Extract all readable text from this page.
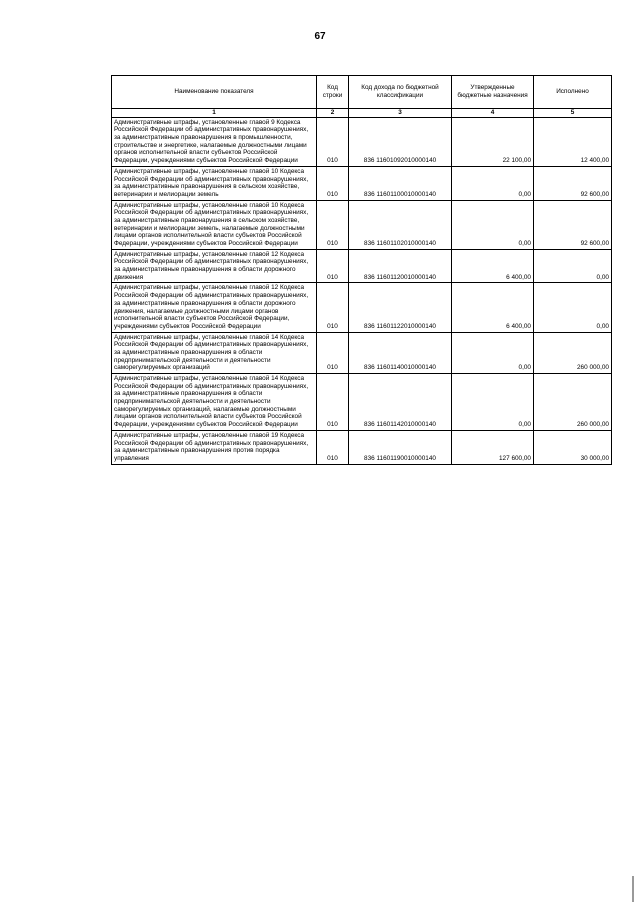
67
Наименование показателя	Код строки	Код дохода по бюджетной классификации	Утвержденные бюджетные назначения	Исполнено
1	2	3	4	5
Административные штрафы, установленные главой 9 Кодекса Российской Федерации об административных правонарушениях, за административные правонарушения в промышленности, строительстве и энергетике, налагаемые должностными лицами органов исполнительной власти субъектов Российской Федерации, учреждениями субъектов Российской Федерации	010	836 11601092010000140	22 100,00	12 400,00
Административные штрафы, установленные главой 10 Кодекса Российской Федерации об административных правонарушениях, за административные правонарушения в сельском хозяйстве, ветеринарии и мелиорации земель	010	836 11601100010000140	0,00	92 600,00
Административные штрафы, установленные главой 10 Кодекса Российской Федерации об административных правонарушениях, за административные правонарушения в сельском хозяйстве, ветеринарии и мелиорации земель, налагаемые должностными лицами органов исполнительной власти субъектов Российской Федерации, учреждениями субъектов Российской Федерации	010	836 11601102010000140	0,00	92 600,00
Административные штрафы, установленные главой 12 Кодекса Российской Федерации об административных правонарушениях, за административные правонарушения в области дорожного движения	010	836 11601120010000140	6 400,00	0,00
Административные штрафы, установленные главой 12 Кодекса Российской Федерации об административных правонарушениях, за административные правонарушения в области дорожного движения, налагаемые должностными лицами органов исполнительной власти субъектов Российской Федерации, учреждениями субъектов Российской Федерации	010	836 11601122010000140	6 400,00	0,00
Административные штрафы, установленные главой 14 Кодекса Российской Федерации об административных правонарушениях, за административные правонарушения в области предпринимательской деятельности и деятельности саморегулируемых организаций	010	836 11601140010000140	0,00	260 000,00
Административные штрафы, установленные главой 14 Кодекса Российской Федерации об административных правонарушениях, за административные правонарушения в области предпринимательской деятельности и деятельности саморегулируемых организаций, налагаемые должностными лицами органов исполнительной власти субъектов Российской Федерации, учреждениями субъектов Российской Федерации	010	836 11601142010000140	0,00	260 000,00
Административные штрафы, установленные главой 19 Кодекса Российской Федерации об административных правонарушениях, за административные правонарушения против порядка управления	010	836 11601190010000140	127 600,00	30 000,00
